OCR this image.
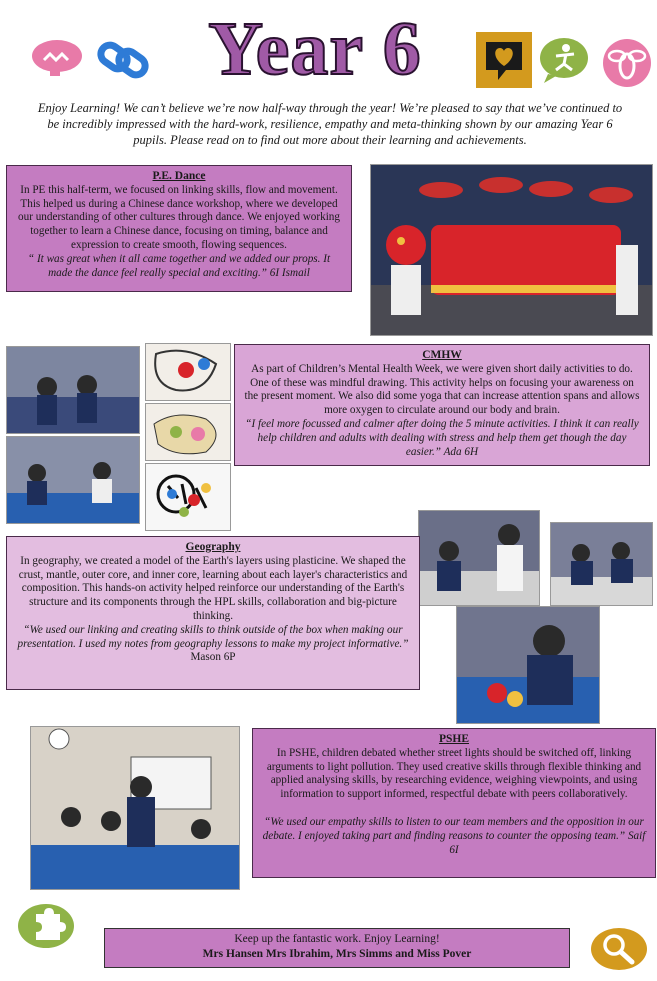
Year 6
Enjoy Learning! We can’t believe we’re now half-way through the year! We’re pleased to say that we’ve continued to be incredibly impressed with the hard-work, resilience, empathy and meta-thinking shown by our amazing Year 6 pupils. Please read on to find out more about their learning and achievements.
P.E. Dance

In PE this half-term, we focused on linking skills, flow and movement. This helped us during a Chinese dance workshop, where we developed our understanding of other cultures through dance. We enjoyed working together to learn a Chinese dance, focusing on timing, balance and expression to create smooth, flowing sequences.

“ It was great when it all came together and we added our props. It made the dance feel really special and exciting.” 6I Ismail

CMHW

As part of Children’s Mental Health Week, we were given short daily activities to do. One of these was mindful drawing. This activity helps on focusing your awareness on the present moment. We also did some yoga that can increase attention spans and allows more oxygen to circulate around our body and brain.

“I feel more focussed and calmer after doing the 5 minute activities. I think it can really help children and adults with dealing with stress and help them get though the day easier.” Ada 6H

Geography

In geography, we created a model of the Earth's layers using plasticine. We shaped the crust, mantle, outer core, and inner core, learning about each layer's characteristics and composition. This hands-on activity helped reinforce our understanding of the Earth's structure and its components through the HPL skills, collaboration and big-picture thinking.

“We used our linking and creating skills to think outside of the box when making our presentation. I used my notes from geography lessons to make my project informative.” Mason 6P

PSHE

In PSHE, children debated whether street lights should be switched off, linking arguments to light pollution. They used creative skills through flexible thinking and applied analysing skills, by researching evidence, weighing viewpoints, and using information to support informed, respectful debate with peers collaboratively.

“We used our empathy skills to listen to our team members and the opposition in our debate. I enjoyed taking part and finding reasons to counter the opposing team.” Saif 6I

Keep up the fantastic work. Enjoy Learning!
Mrs Hansen Mrs Ibrahim, Mrs Simms and Miss Pover
